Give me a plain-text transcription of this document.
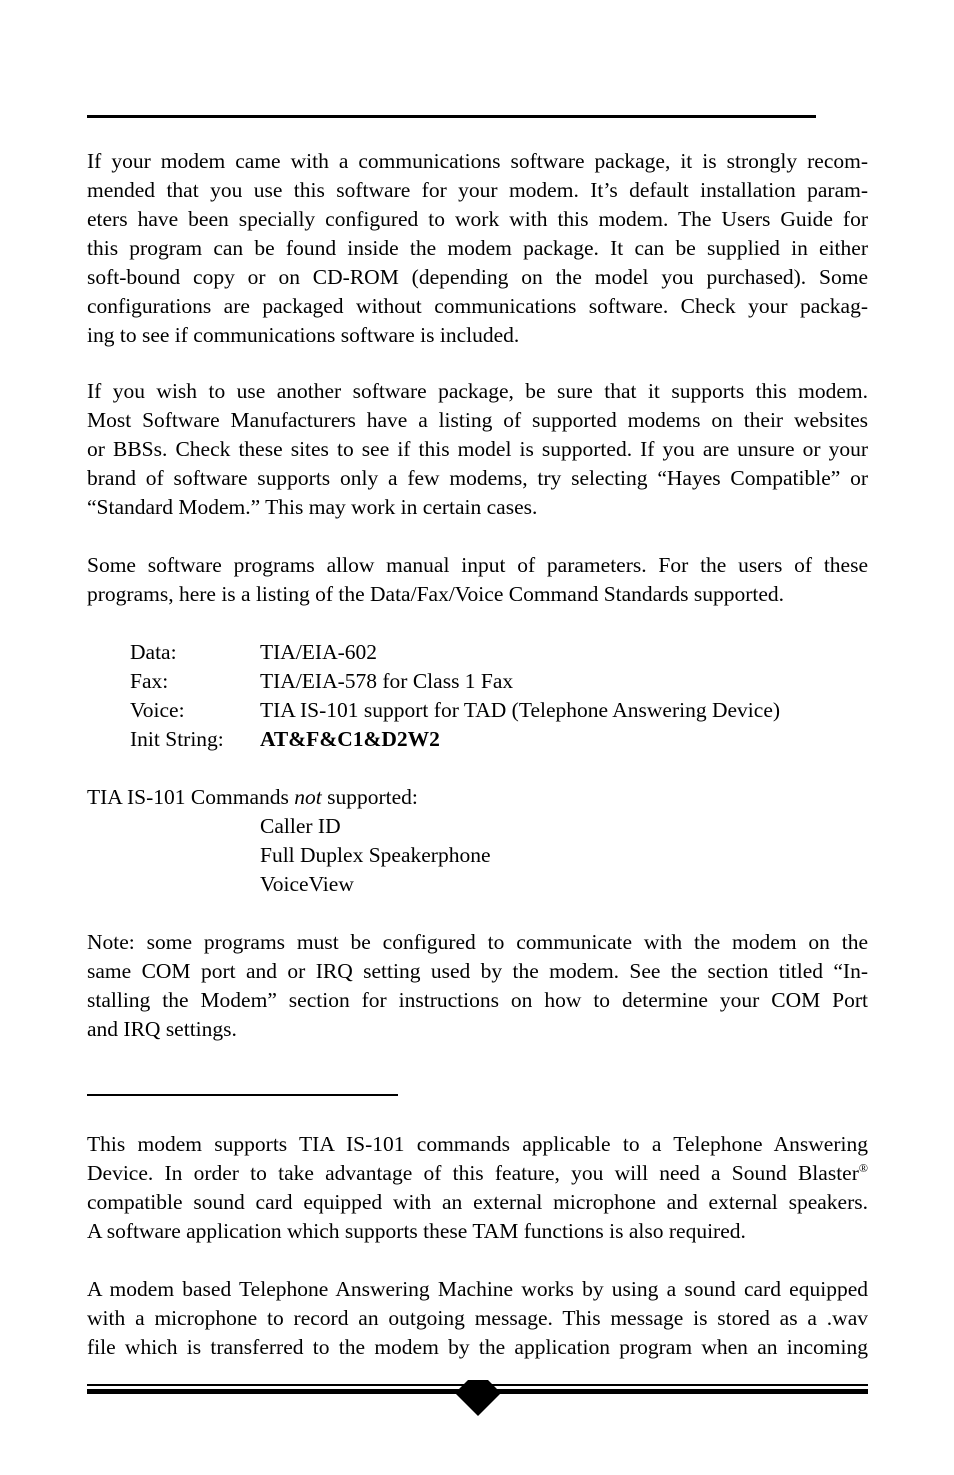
If your modem came with a communications software package, it is strongly recom-
mended that you use this software for your modem. It’s default installation param-
eters have been specially configured to work with this modem. The Users Guide for
this program can be found inside the modem package. It can be supplied in either
soft-bound copy or on CD-ROM (depending on the model you purchased). Some
configurations are packaged without communications software. Check your packag-
ing to see if communications software is included.
If you wish to use another software package, be sure that it supports this modem.
Most Software Manufacturers have a listing of supported modems on their websites
or BBSs. Check these sites to see if this model is supported. If you are unsure or your
brand of software supports only a few modems, try selecting “Hayes Compatible” or
“Standard Modem.” This may work in certain cases.
Some software programs allow manual input of parameters. For the users of these
programs, here is a listing of the Data/Fax/Voice Command Standards supported.
Data:	TIA/EIA-602
Fax:	TIA/EIA-578 for Class 1 Fax
Voice:	TIA IS-101 support for TAD (Telephone Answering Device)
Init String: AT&F&C1&D2W2
TIA IS-101 Commands not supported:
Caller ID
Full Duplex Speakerphone
VoiceView
Note: some programs must be configured to communicate with the modem on the
same COM port and or IRQ setting used by the modem. See the section titled “In-
stalling the Modem” section for instructions on how to determine your COM Port
and IRQ settings.
This modem supports TIA IS-101 commands applicable to a Telephone Answering
Device. In order to take advantage of this feature, you will need a Sound Blaster®
compatible sound card equipped with an external microphone and external speakers.
A software application which supports these TAM functions is also required.
A modem based Telephone Answering Machine works by using a sound card equipped
with a microphone to record an outgoing message. This message is stored as a .wav
file which is transferred to the modem by the application program when an incoming
